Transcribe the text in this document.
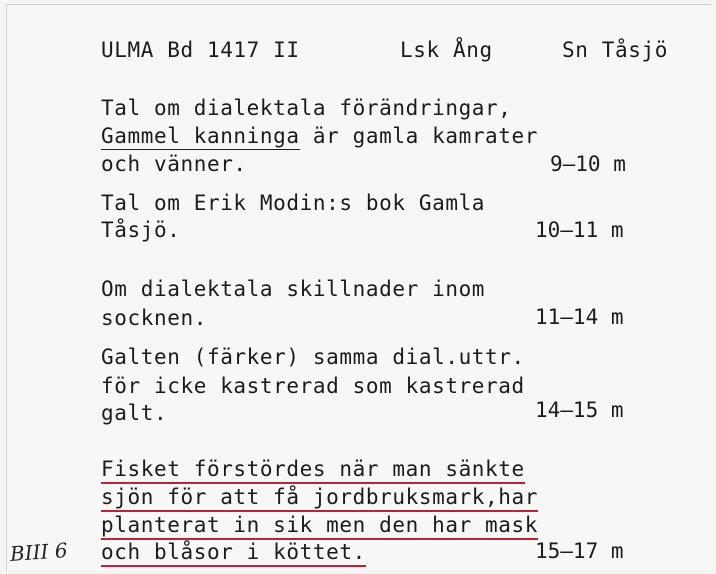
ULMA Bd 1417 II	Lsk Ång	Sn Tåsjö
Tal om dialektala förändringar,
Gammel kanninga är gamla kamrater
och vänner.	9–10 m
Tal om Erik Modin:s bok Gamla
Tåsjö.	10–11 m
Om dialektala skillnader inom
socknen.	11–14 m
Galten (färker) samma dial.uttr.
för icke kastrerad som kastrerad
galt.	14–15 m
Fisket förstördes när man sänkte
sjön för att få jordbruksmark,har
planterat in sik men den har mask
och blåsor i köttet.	15–17 m
BIII 6
